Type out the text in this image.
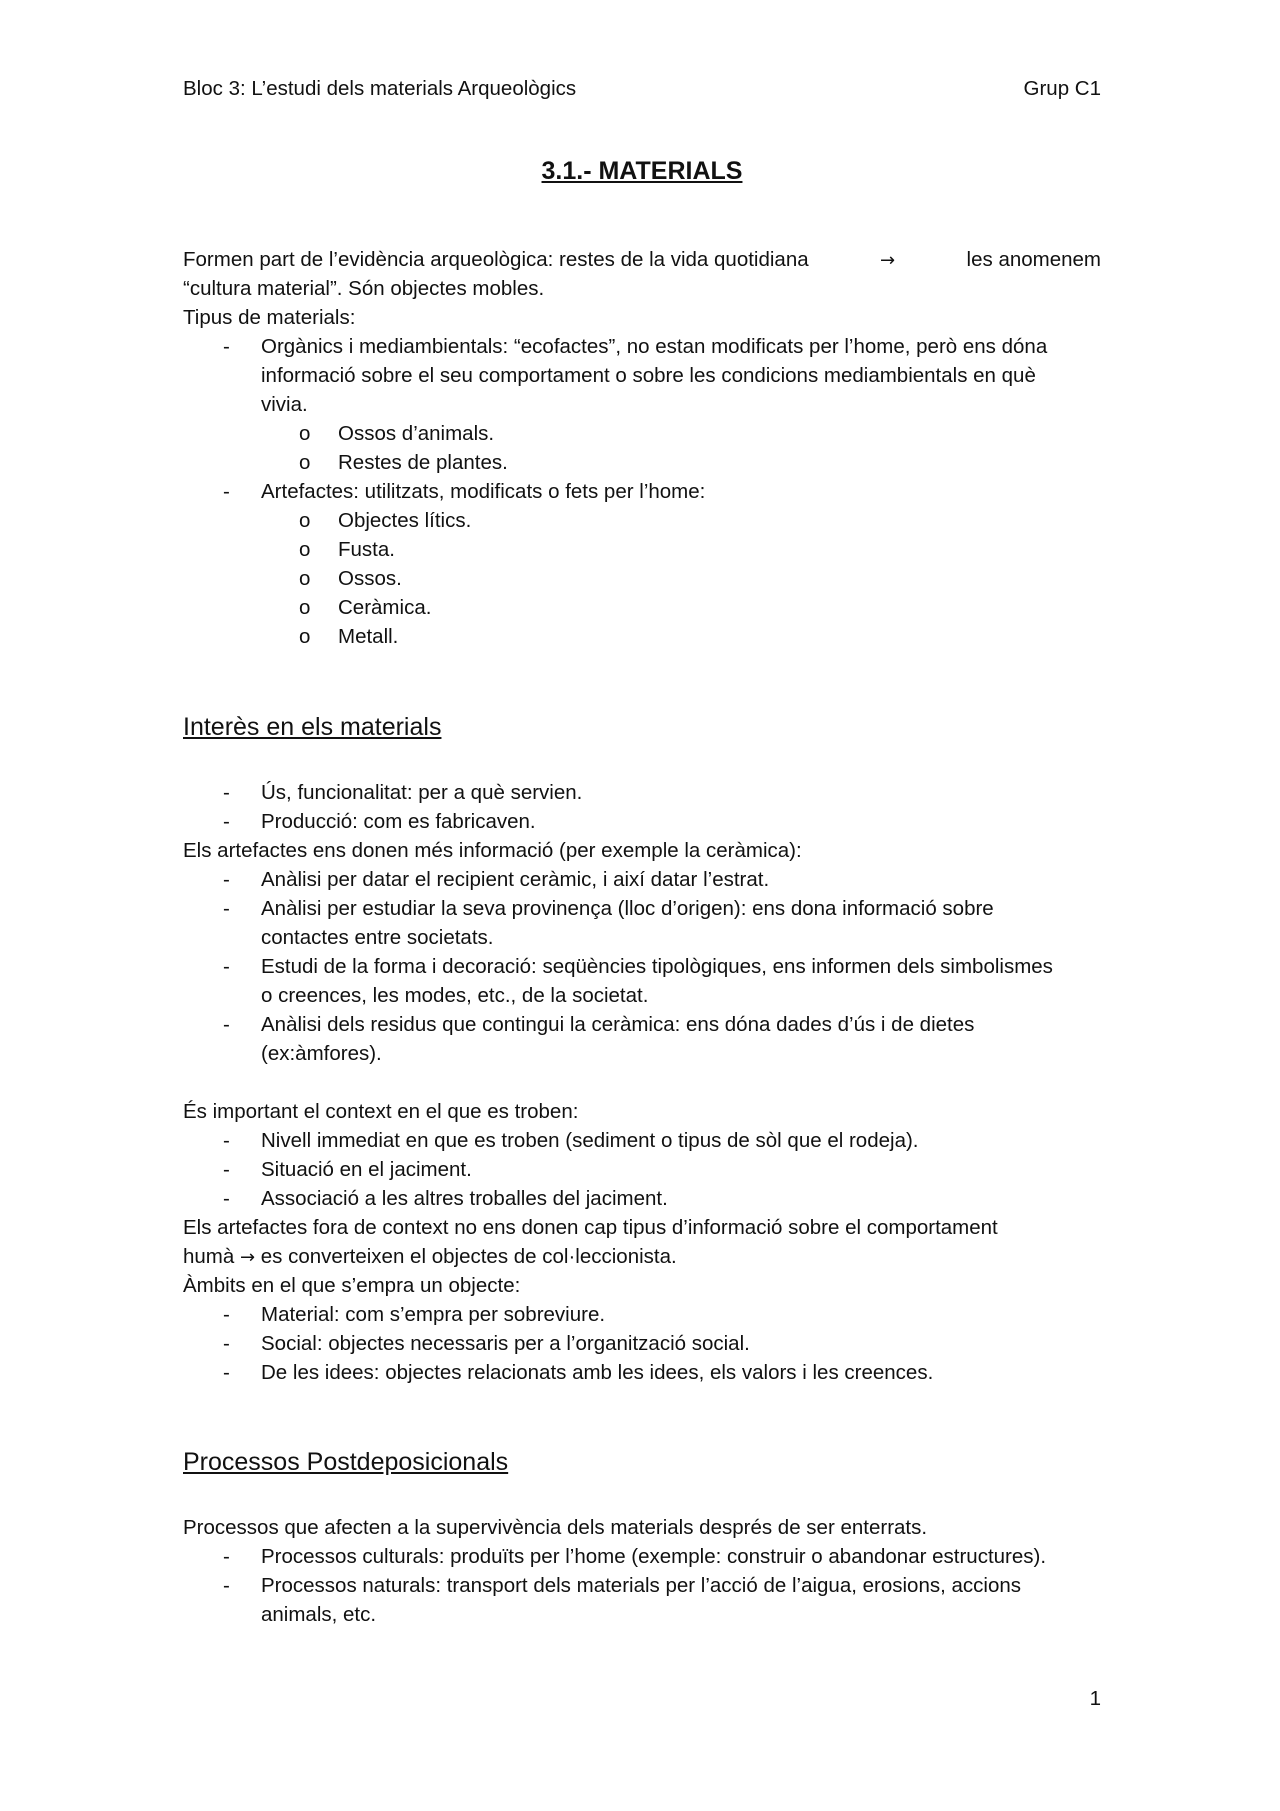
Bloc 3: L’estudi dels materials Arqueològics	Grup C1
3.1.- MATERIALS
Formen part de l’evidència arqueològica: restes de la vida quotidiana	→	les anomenem
“cultura material”. Són objectes mobles.
Tipus de materials:
-	Orgànics i mediambientals: “ecofactes”, no estan modificats per l’home, però ens dóna
informació sobre el seu comportament o sobre les condicions mediambientals en què
vivia.
o	Ossos d’animals.
o	Restes de plantes.
-	Artefactes: utilitzats, modificats o fets per l’home:
o	Objectes lítics.
o	Fusta.
o	Ossos.
o	Ceràmica.
o	Metall.
Interès en els materials
-	Ús, funcionalitat: per a què servien.
-	Producció: com es fabricaven.
Els artefactes ens donen més informació (per exemple la ceràmica):
-	Anàlisi per datar el recipient ceràmic, i així datar l’estrat.
-	Anàlisi per estudiar la seva provinença (lloc d’origen): ens dona informació sobre
contactes entre societats.
-	Estudi de la forma i decoració: seqüències tipològiques, ens informen dels simbolismes
o creences, les modes, etc., de la societat.
-	Anàlisi dels residus que contingui la ceràmica: ens dóna dades d’ús i de dietes
(ex:àmfores).
És important el context en el que es troben:
-	Nivell immediat en que es troben (sediment o tipus de sòl que el rodeja).
-	Situació en el jaciment.
-	Associació a les altres troballes del jaciment.
Els artefactes fora de context no ens donen cap tipus d’informació sobre el comportament
humà → es converteixen el objectes de col·leccionista.
Àmbits en el que s’empra un objecte:
-	Material: com s’empra per sobreviure.
-	Social: objectes necessaris per a l’organització social.
-	De les idees: objectes relacionats amb les idees, els valors i les creences.
Processos Postdeposicionals
Processos que afecten a la supervivència dels materials després de ser enterrats.
-	Processos culturals: produïts per l’home (exemple: construir o abandonar estructures).
-	Processos naturals: transport dels materials per l’acció de l’aigua, erosions, accions
animals, etc.
1
